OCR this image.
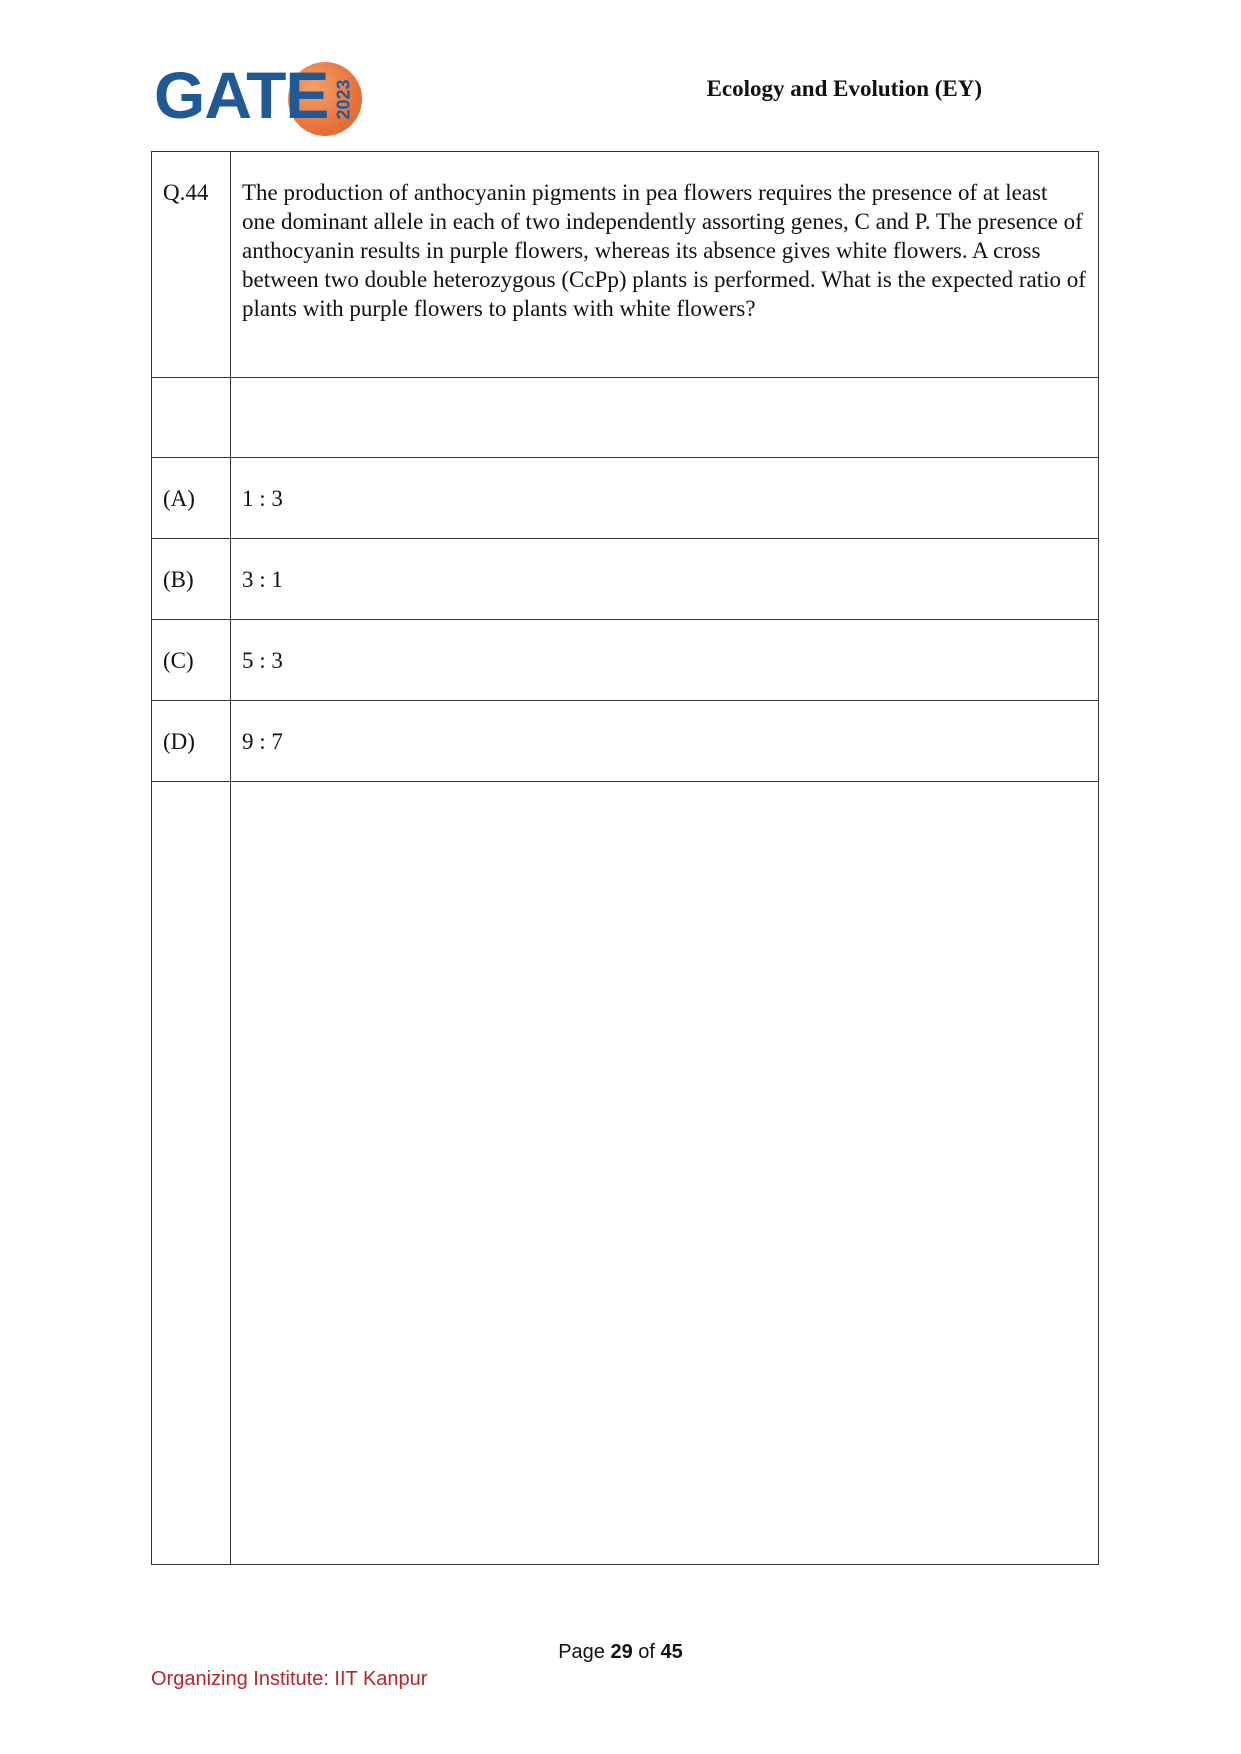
GATE 2023	Ecology and Evolution (EY)
Q.44	The production of anthocyanin pigments in pea flowers requires the presence of at least one dominant allele in each of two independently assorting genes, C and P. The presence of anthocyanin results in purple flowers, whereas its absence gives white flowers. A cross between two double heterozygous (CcPp) plants is performed. What is the expected ratio of plants with purple flowers to plants with white flowers?

(A)	1 : 3
(B)	3 : 1
(C)	5 : 3
(D)	9 : 7

Page 29 of 45
Organizing Institute: IIT Kanpur
